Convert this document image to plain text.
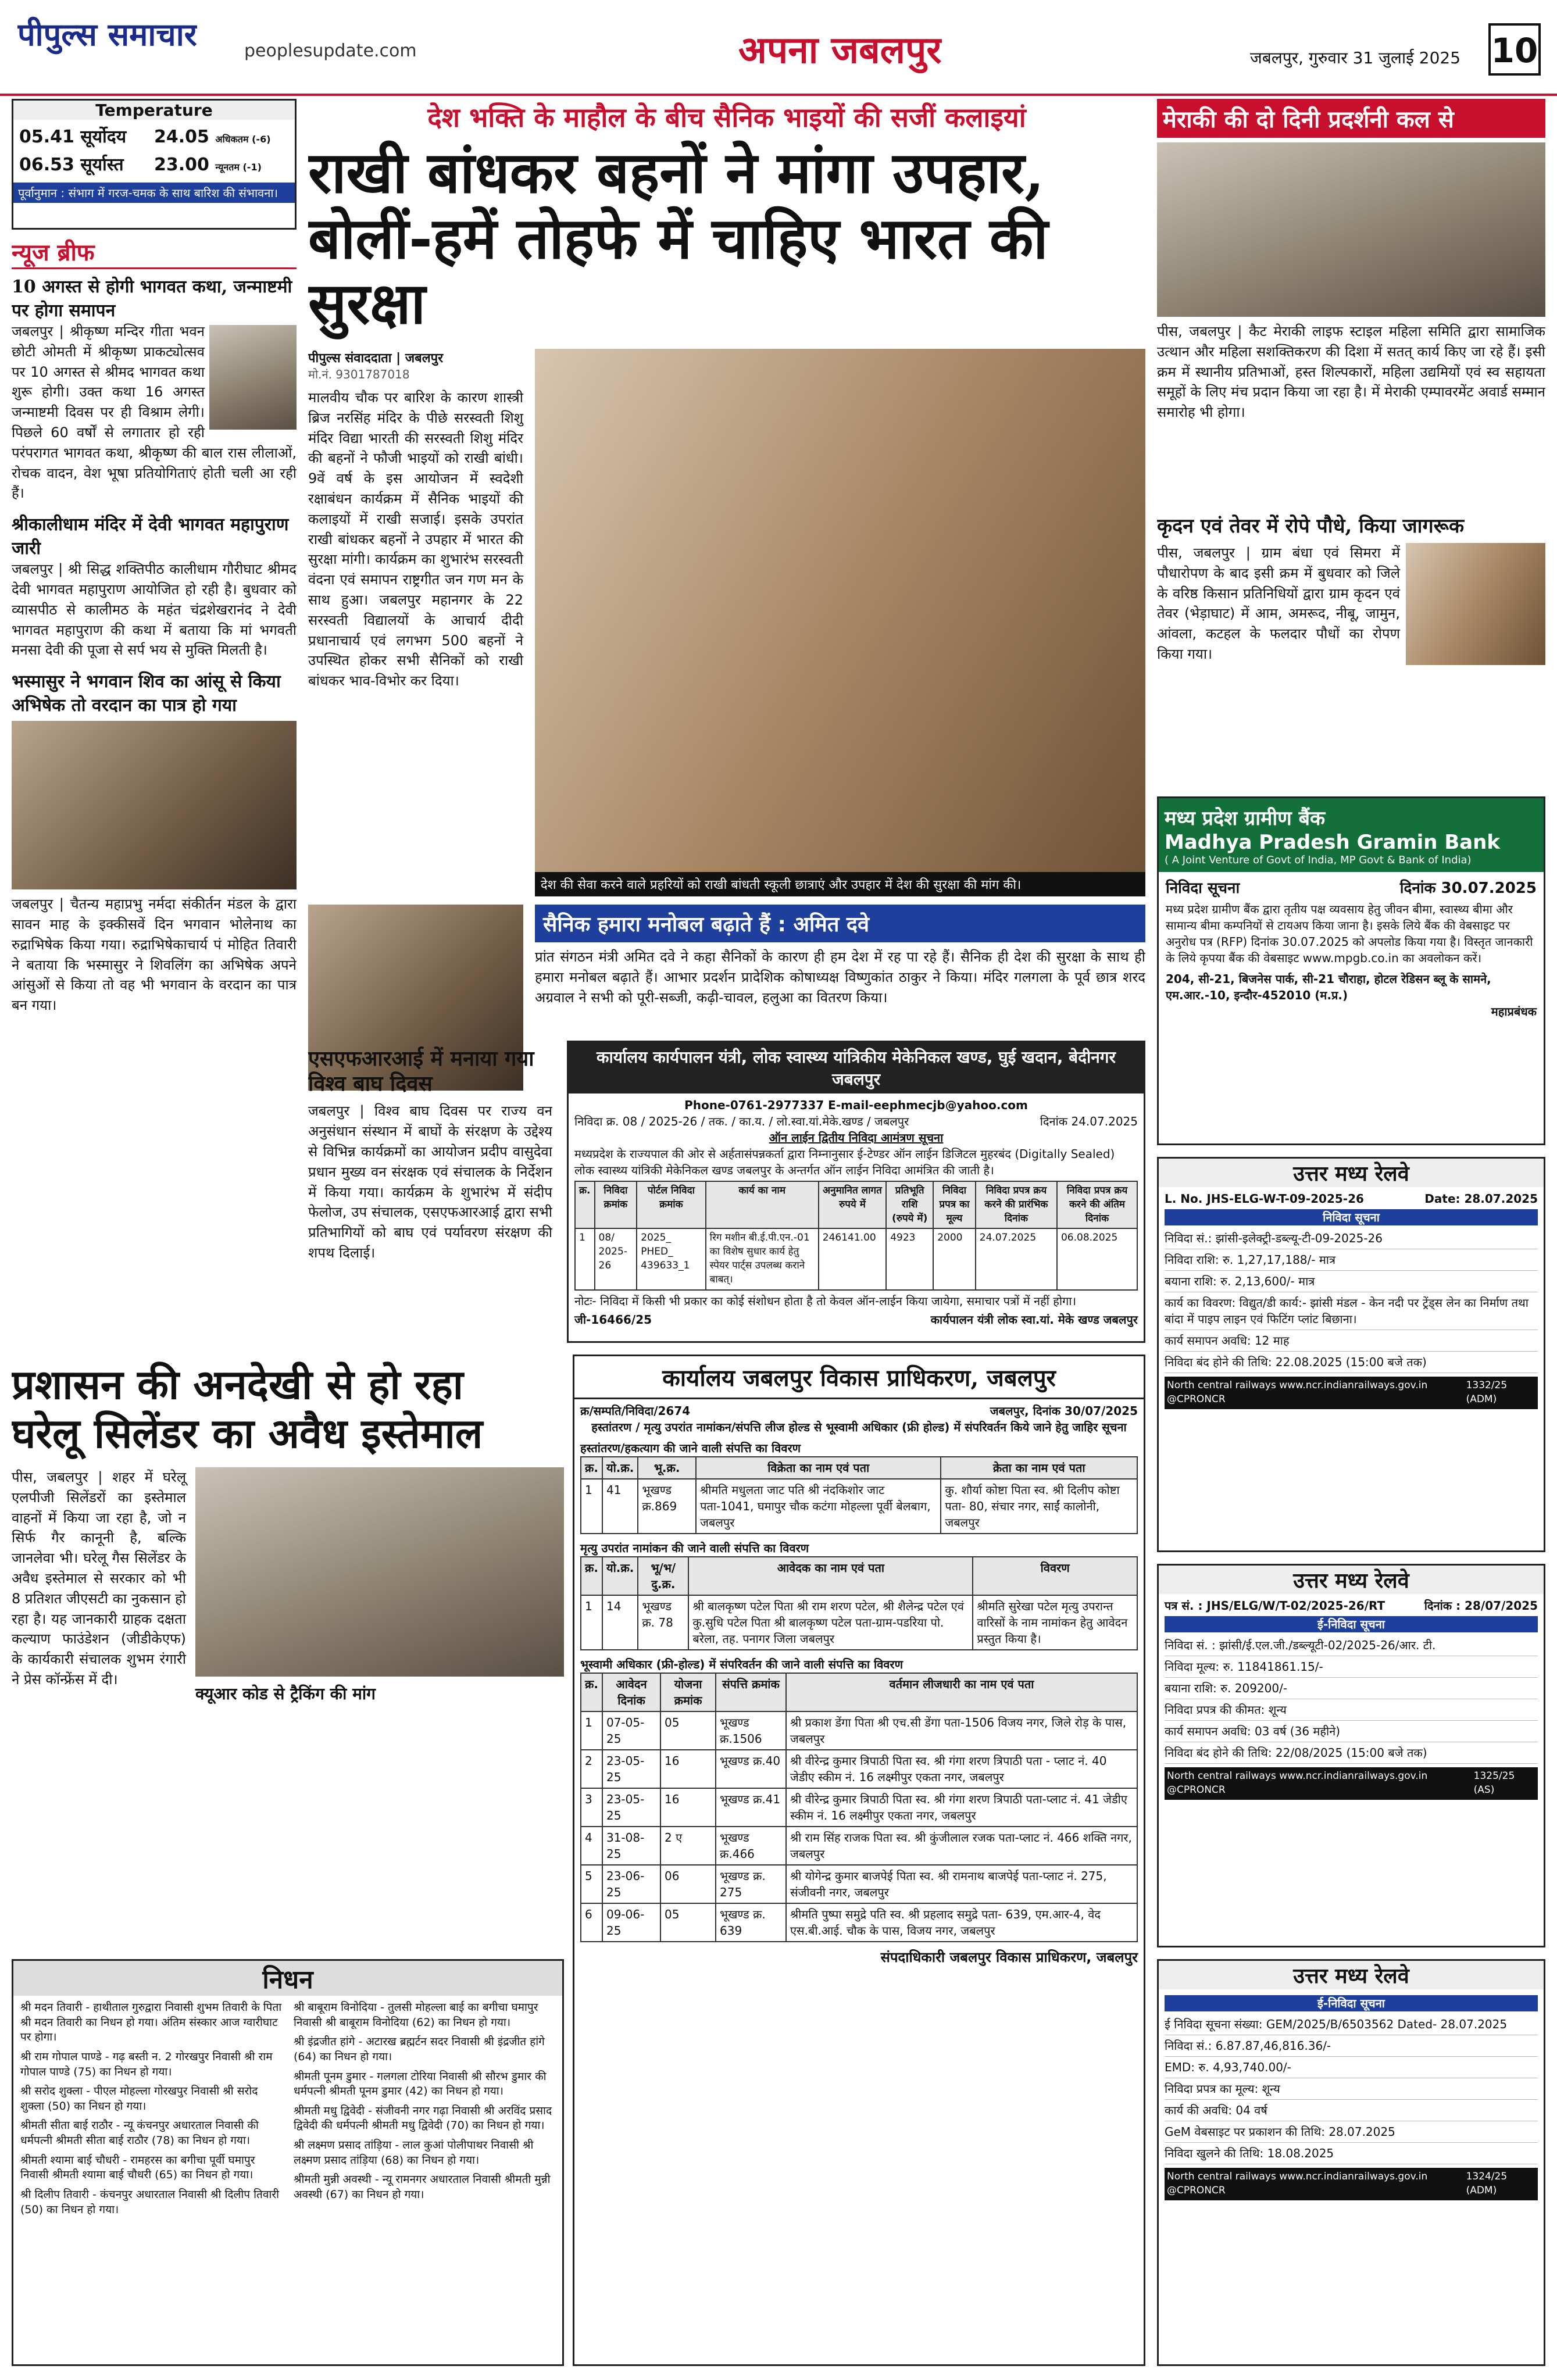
पीपुल्स समाचार	peoplesupdate.com	अपना जबलपुर	जबलपुर, गुरुवार 31 जुलाई 2025 10
Temperature
05.41 सूर्योदय
06.53 सूर्यास्त
24.05 अधिकतम (-6)
23.00 न्यूनतम (-1)
पूर्वानुमान : संभाग में गरज-चमक के साथ बारिश की संभावना।
न्यूज ब्रीफ
10 अगस्त से होगी भागवत कथा, जन्माष्टमी पर होगा समापन
जबलपुर | श्रीकृष्ण मन्दिर गीता भवन छोटी ओमती में श्रीकृष्ण प्राकट्योत्सव पर 10 अगस्त से श्रीमद भागवत कथा शुरू होगी। उक्त कथा 16 अगस्त जन्माष्टमी दिवस पर ही विश्राम लेगी। पिछले 60 वर्षों से लगातार हो रही परंपरागत भागवत कथा, श्रीकृष्ण की बाल रास लीलाओं, रोचक वादन, वेश भूषा प्रतियोगिताएं होती चली आ रही हैं।
श्रीकालीधाम मंदिर में देवी भागवत महापुराण जारी
जबलपुर | श्री सिद्ध शक्तिपीठ कालीधाम गौरीघाट श्रीमद देवी भागवत महापुराण आयोजित हो रही है। बुधवार को व्यासपीठ से कालीमठ के महंत चंद्रशेखरानंद ने देवी भागवत महापुराण की कथा में बताया कि मां भगवती मनसा देवी की पूजा से सर्प भय से मुक्ति मिलती है।
भस्मासुर ने भगवान शिव का आंसू से किया अभिषेक तो वरदान का पात्र हो गया
जबलपुर | चैतन्य महाप्रभु नर्मदा संकीर्तन मंडल के द्वारा सावन माह के इक्कीसवें दिन भगवान भोलेनाथ का रुद्राभिषेक किया गया। रुद्राभिषेकाचार्य पं मोहित तिवारी ने बताया कि भस्मासुर ने शिवलिंग का अभिषेक अपने आंसुओं से किया तो वह भी भगवान के वरदान का पात्र बन गया।
देश भक्ति के माहौल के बीच सैनिक भाइयों की सजीं कलाइयां
राखी बांधकर बहनों ने मांगा उपहार,
बोलीं-हमें तोहफे में चाहिए भारत की सुरक्षा
पीपुल्स संवाददाता | जबलपुर
मो.नं. 9301787018
मालवीय चौक पर बारिश के कारण शास्त्री ब्रिज नरसिंह मंदिर के पीछे सरस्वती शिशु मंदिर विद्या भारती की सरस्वती शिशु मंदिर की बहनों ने फौजी भाइयों को राखी बांधी। 9वें वर्ष के इस आयोजन में स्वदेशी रक्षाबंधन कार्यक्रम में सैनिक भाइयों की कलाइयों में राखी सजाई। इसके उपरांत राखी बांधकर बहनों ने उपहार में भारत की सुरक्षा मांगी। कार्यक्रम का शुभारंभ सरस्वती वंदना एवं समापन राष्ट्रगीत जन गण मन के साथ हुआ। जबलपुर महानगर के 22 सरस्वती विद्यालयों के आचार्य दीदी प्रधानाचार्य एवं लगभग 500 बहनों ने उपस्थित होकर सभी सैनिकों को राखी बांधकर भाव-विभोर कर दिया।
देश की सेवा करने वाले प्रहरियों को राखी बांधती स्कूली छात्राएं और उपहार में देश की सुरक्षा की मांग की।
सैनिक हमारा मनोबल बढ़ाते हैं : अमित दवे
प्रांत संगठन मंत्री अमित दवे ने कहा सैनिकों के कारण ही हम देश में रह पा रहे हैं। सैनिक ही देश की सुरक्षा के साथ ही हमारा मनोबल बढ़ाते हैं। आभार प्रदर्शन प्रादेशिक कोषाध्यक्ष विष्णुकांत ठाकुर ने किया। मंदिर गलगला के पूर्व छात्र शरद अग्रवाल ने सभी को पूरी-सब्जी, कढ़ी-चावल, हलुआ का वितरण किया।
एसएफआरआई में मनाया गया विश्व बाघ दिवस
जबलपुर | विश्व बाघ दिवस पर राज्य वन अनुसंधान संस्थान में बाघों के संरक्षण के उद्देश्य से विभिन्न कार्यक्रमों का आयोजन प्रदीप वासुदेवा प्रधान मुख्य वन संरक्षक एवं संचालक के निर्देशन में किया गया। कार्यक्रम के शुभारंभ में संदीप फेलोज, उप संचालक, एसएफआरआई द्वारा सभी प्रतिभागियों को बाघ एवं पर्यावरण संरक्षण की शपथ दिलाई।
मेराकी की दो दिनी प्रदर्शनी कल से
पीस, जबलपुर | कैट मेराकी लाइफ स्टाइल महिला समिति द्वारा सामाजिक उत्थान और महिला सशक्तिकरण की दिशा में सतत् कार्य किए जा रहे हैं। इसी क्रम में स्थानीय प्रतिभाओं, हस्त शिल्पकारों, महिला उद्यमियों एवं स्व सहायता समूहों के लिए मंच प्रदान किया जा रहा है। में मेराकी एम्पावरमेंट अवार्ड सम्मान समारोह भी होगा।
कृदन एवं तेवर में रोपे पौधे, किया जागरूक
पीस, जबलपुर | ग्राम बंधा एवं सिमरा में पौधारोपण के बाद इसी क्रम में बुधवार को जिले के वरिष्ठ किसान प्रतिनिधियों द्वारा ग्राम कृदन एवं तेवर (भेड़ाघाट) में आम, अमरूद, नीबू, जामुन, आंवला, कटहल के फलदार पौधों का रोपण किया गया।
मध्य प्रदेश ग्रामीण बैंक
Madhya Pradesh Gramin Bank
( A Joint Venture of Govt of India, MP Govt & Bank of India)
निविदा सूचना	दिनांक 30.07.2025
मध्य प्रदेश ग्रामीण बैंक द्वारा तृतीय पक्ष व्यवसाय हेतु जीवन बीमा, स्वास्थ्य बीमा और सामान्य बीमा कम्पनियों से टायअप किया जाना है। इसके लिये बैंक की वेबसाइट पर अनुरोध पत्र (RFP) दिनांक 30.07.2025 को अपलोड किया गया है। विस्तृत जानकारी के लिये कृपया बैंक की वेबसाइट www.mpgb.co.in का अवलोकन करें।
204, सी-21, बिजनेस पार्क, सी-21 चौराहा, होटल रेडिसन ब्लू के सामने, एम.आर.-10, इन्दौर-452010 (म.प्र.)
महाप्रबंधक
कार्यालय कार्यपालन यंत्री, लोक स्वास्थ्य यांत्रिकीय मेकेनिकल खण्ड, घुई खदान, बेदीनगर जबलपुर
Phone-0761-2977337 E-mail-eephmecjb@yahoo.com
निविदा क्र. 08 / 2025-26 / तक. / का.य. / लो.स्वा.यां.मेके.खण्ड / जबलपुर	दिनांक 24.07.2025
ऑन लाईन द्वितीय निविदा आमंत्रण सूचना
मध्यप्रदेश के राज्यपाल की ओर से अर्हतासंपन्नकर्ता द्वारा निम्नानुसार ई-टेण्डर ऑन लाईन डिजिटल मुहरबंद (Digitally Sealed) लोक स्वास्थ्य यांत्रिकी मेकेनिकल खण्ड जबलपुर के अन्तर्गत ऑन लाईन निविदा आमंत्रित की जाती है।
क्र.	निविदा क्रमांक	पोर्टल निविदा क्रमांक	कार्य का नाम	अनुमानित लागत रुपये में	प्रतिभूति राशि (रुपये में)	निविदा प्रपत्र का मूल्य	निविदा प्रपत्र क्रय करने की प्रारंभिक दिनांक	निविदा प्रपत्र क्रय करने की अंतिम दिनांक
1	08/ 2025-26	2025_ PHED_ 439633_1	रिग मशीन बी.ई.पी.एन.-01 का विशेष सुधार कार्य हेतु स्पेयर पार्ट्स उपलब्ध कराने बाबत्।	246141.00	4923	2000	24.07.2025	06.08.2025
नोटः- निविदा में किसी भी प्रकार का कोई संशोधन होता है तो केवल ऑन-लाईन किया जायेगा, समाचार पत्रों में नहीं होगा।
जी-16466/25	कार्यपालन यंत्री लोक स्वा.यां. मेके खण्ड जबलपुर
प्रशासन की अनदेखी से हो रहा
घरेलू सिलेंडर का अवैध इस्तेमाल
पीस, जबलपुर | शहर में घरेलू एलपीजी सिलेंडरों का इस्तेमाल वाहनों में किया जा रहा है, जो न सिर्फ गैर कानूनी है, बल्कि जानलेवा भी। घरेलू गैस सिलेंडर के अवैध इस्तेमाल से सरकार को भी 8 प्रतिशत जीएसटी का नुकसान हो रहा है। यह जानकारी ग्राहक दक्षता कल्याण फाउंडेशन (जीडीकेएफ) के कार्यकारी संचालक शुभम रंगारी ने प्रेस कॉन्फ्रेंस में दी।
क्यूआर कोड से ट्रैकिंग की मांग
निधन
श्री मदन तिवारी - हाथीताल गुरुद्वारा निवासी शुभम तिवारी के पिता श्री मदन तिवारी का निधन हो गया। अंतिम संस्कार आज ग्वारीघाट पर होगा।
श्री राम गोपाल पाण्डे - गढ़ बस्ती न. 2 गोरखपुर निवासी श्री राम गोपाल पाण्डे (75) का निधन हो गया।
श्री सरोद शुक्ला - पीएल मोहल्ला गोरखपुर निवासी श्री सरोद शुक्ला (50) का निधन हो गया।
श्रीमती सीता बाई राठौर - न्यू कंचनपुर अधारताल निवासी की धर्मपत्नी श्रीमती सीता बाई राठौर (78) का निधन हो गया।
श्रीमती श्यामा बाई चौधरी - रामहरस का बगीचा पूर्वी घमापुर निवासी श्रीमती श्यामा बाई चौधरी (65) का निधन हो गया।
श्री दिलीप तिवारी - कंचनपुर अधारताल निवासी श्री दिलीप तिवारी (50) का निधन हो गया।
श्री बाबूराम विनोदिया - तुलसी मोहल्ला बाई का बगीचा घमापुर निवासी श्री बाबूराम विनोदिया (62) का निधन हो गया।
श्री इंद्रजीत हांगे - अटारख ब्रह्मर्टन सदर निवासी श्री इंद्रजीत हांगे (64) का निधन हो गया।
श्रीमती पूनम डुमार - गलगला टोरिया निवासी श्री सौरभ डुमार की धर्मपत्नी श्रीमती पूनम डुमार (42) का निधन हो गया।
श्रीमती मधु द्विवेदी - संजीवनी नगर गढ़ा निवासी श्री अरविंद प्रसाद द्विवेदी की धर्मपत्नी श्रीमती मधु द्विवेदी (70) का निधन हो गया।
श्री लक्ष्मण प्रसाद तांड़िया - लाल कुआं पोलीपाथर निवासी श्री लक्ष्मण प्रसाद तांड़िया (68) का निधन हो गया।
श्रीमती मुन्नी अवस्थी - न्यू रामनगर अधारताल निवासी श्रीमती मुन्नी अवस्थी (67) का निधन हो गया।
कार्यालय जबलपुर विकास प्राधिकरण, जबलपुर
क्र/सम्पति/निविदा/2674	जबलपुर, दिनांक 30/07/2025
हस्तांतरण / मृत्यु उपरांत नामांकन/संपत्ति लीज होल्ड से भूस्वामी अधिकार (फ्री होल्ड) में संपरिवर्तन किये जाने हेतु जाहिर सूचना
हस्तांतरण/हकत्याग की जाने वाली संपत्ति का विवरण
क्र.	यो.क्र.	भू.क्र.	विक्रेता का नाम एवं पता	क्रेता का नाम एवं पता
1	41	भूखण्ड क्र.869	श्रीमति मधुलता जाट पति श्री नंदकिशोर जाट पता-1041, घमापुर चौक कटंगा मोहल्ला पूर्वी बेलबाग, जबलपुर	कु. शौर्या कोष्टा पिता स्व. श्री दिलीप कोष्टा पता- 80, संचार नगर, साईं कालोनी, जबलपुर
मृत्यु उपरांत नामांकन की जाने वाली संपत्ति का विवरण
क्र.	यो.क्र.	भू/भ/दु.क्र.	आवेदक का नाम एवं पता	विवरण
1	14	भूखण्ड क्र. 78	श्री बालकृष्ण पटेल पिता श्री राम शरण पटेल, श्री शैलेन्द्र पटेल एवं कु.सुधि पटेल पिता श्री बालकृष्ण पटेल पता-ग्राम-पडरिया पो. बरेला, तह. पनागर जिला जबलपुर	श्रीमति सुरेखा पटेल मृत्यु उपरान्त वारिसों के नाम नामांकन हेतु आवेदन प्रस्तुत किया है।
भूस्वामी अधिकार (फ्री-होल्ड) में संपरिवर्तन की जाने वाली संपत्ति का विवरण
क्र.	आवेदन दिनांक	योजना क्रमांक	संपत्ति क्रमांक	वर्तमान लीजधारी का नाम एवं पता
1	07-05-25	05	भूखण्ड क्र.1506	श्री प्रकाश डेंगा पिता श्री एच.सी डेंगा पता-1506 विजय नगर, जिले रोड़ के पास, जबलपुर
2	23-05-25	16	भूखण्ड क्र.40	श्री वीरेन्द्र कुमार त्रिपाठी पिता स्व. श्री गंगा शरण त्रिपाठी पता - प्लाट नं. 40 जेडीए स्कीम नं. 16 लक्ष्मीपुर एकता नगर, जबलपुर
3	23-05-25	16	भूखण्ड क्र.41	श्री वीरेन्द्र कुमार त्रिपाठी पिता स्व. श्री गंगा शरण त्रिपाठी पता-प्लाट नं. 41 जेडीए स्कीम नं. 16 लक्ष्मीपुर एकता नगर, जबलपुर
4	31-08-25	2 ए	भूखण्ड क्र.466	श्री राम सिंह राजक पिता स्व. श्री कुंजीलाल रजक पता-प्लाट नं. 466 शक्ति नगर, जबलपुर
5	23-06-25	06	भूखण्ड क्र. 275	श्री योगेन्द्र कुमार बाजपेई पिता स्व. श्री रामनाथ बाजपेई पता-प्लाट नं. 275, संजीवनी नगर, जबलपुर
6	09-06-25	05	भूखण्ड क्र. 639	श्रीमति पुष्पा समुद्रे पति स्व. श्री प्रहलाद समुद्रे पता- 639, एम.आर-4, वेद एस.बी.आई. चौक के पास, विजय नगर, जबलपुर
संपदाधिकारी जबलपुर विकास प्राधिकरण, जबलपुर
उत्तर मध्य रेलवे
L. No. JHS-ELG-W-T-09-2025-26	Date: 28.07.2025
निविदा सूचना
निविदा सं.: झांसी-इलेक्ट्री-डब्ल्यू-टी-09-2025-26
निविदा राशि: रु. 1,27,17,188/- मात्र
बयाना राशि: रु. 2,13,600/- मात्र
कार्य का विवरण: विद्युत/डी कार्य:- झांसी मंडल - केन नदी पर ट्रेंड्‌स लेन का निर्माण तथा बांदा में पाइप लाइन एवं फिटिंग प्लांट बिछाना।
कार्य समापन अवधि: 12 माह
निविदा बंद होने की तिथि: 22.08.2025 (15:00 बजे तक)
North central railways www.ncr.indianrailways.gov.in @CPRONCR
1332/25 (ADM)
उत्तर मध्य रेलवे
पत्र सं. : JHS/ELG/W/T-02/2025-26/RT	दिनांक : 28/07/2025
ई-निविदा सूचना
निविदा सं. : झांसी/ई.एल.जी./डब्ल्यूटी-02/2025-26/आर. टी.
निविदा मूल्य: रु. 11841861.15/-
बयाना राशि: रु. 209200/-
निविदा प्रपत्र की कीमत: शून्य
कार्य समापन अवधि: 03 वर्ष (36 महीने)
निविदा बंद होने की तिथि: 22/08/2025 (15:00 बजे तक)
North central railways www.ncr.indianrailways.gov.in @CPRONCR
1325/25 (AS)
उत्तर मध्य रेलवे
ई-निविदा सूचना
ई निविदा सूचना संख्या: GEM/2025/B/6503562 Dated- 28.07.2025
निविदा सं.: 6.87.87,46,816.36/-
EMD: रु. 4,93,740.00/-
निविदा प्रपत्र का मूल्य: शून्य
कार्य की अवधि: 04 वर्ष
GeM वेबसाइट पर प्रकाशन की तिथि: 28.07.2025
निविदा खुलने की तिथि: 18.08.2025
North central railways www.ncr.indianrailways.gov.in @CPRONCR
1324/25 (ADM)
